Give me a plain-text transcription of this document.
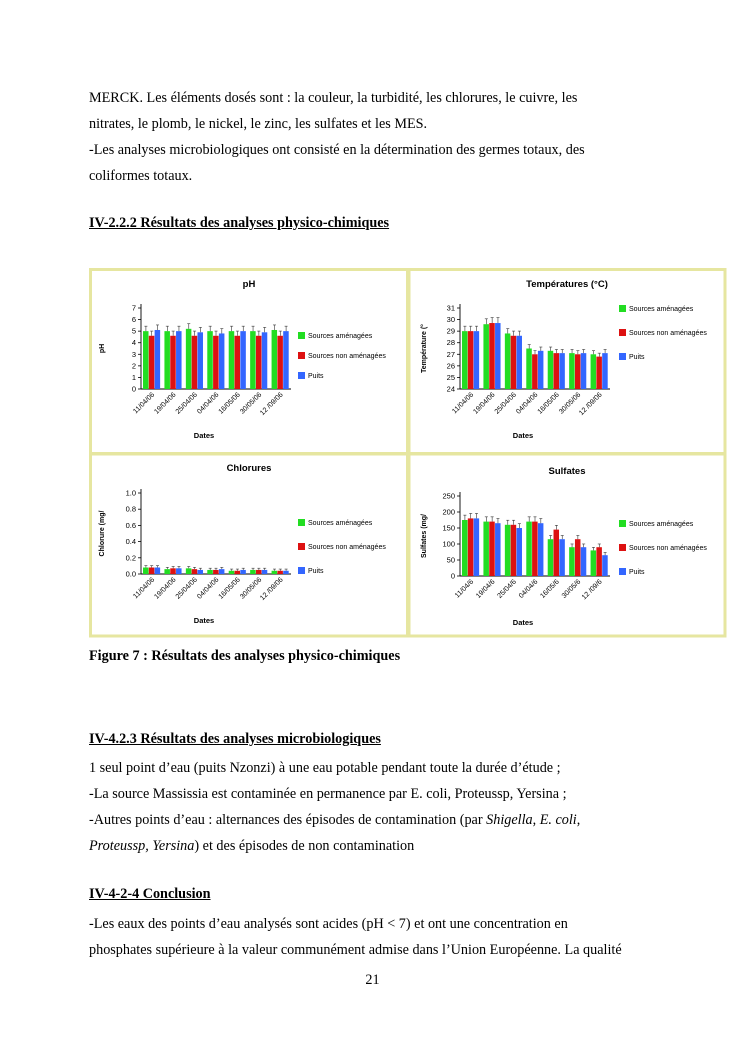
MERCK. Les éléments dosés sont : la couleur, la turbidité, les chlorures, le cuivre, les

nitrates, le plomb, le nickel, le zinc, les sulfates et les MES.

-Les analyses microbiologiques ont consisté en la détermination des germes totaux, des

coliformes totaux.

IV-2.2.2 Résultats des analyses physico-chimiques

pH
0
1
2
3
4
5
6
7
11/04/06
19/04/06
25/04/06
04/04/06
16/05/06
30/05/06
12 /09/06
Dates
pH
Sources aménagées
Sources non aménagées
Puits
Températures (°C)
24
25
26
27
28
29
30
31
11/04/06
19/04/06
25/04/06
04/04/06
16/05/06
30/05/06
12 /09/06
Dates
Température (°
Sources aménagées
Sources non aménagées
Puits
Chlorures
0.0
0.2
0.4
0.6
0.8
1.0
11/04/06
19/04/06
25/04/06
04/04/06
16/05/06
30/05/06
12 /09/06
Dates
Chlorure (mg/	Sources aménagées
Sources non aménagées
Puits
Sulfates
0
50
100
150
200
250
11/04/6 19/04/6 25/04/6 04/04/6 16/05/6 30/05/6
12 /09/6
Dates
Sulfates (mg/	Sources aménagées
Sources non aménagées
Puits

Figure 7 : Résultats des analyses physico-chimiques

IV-4.2.3 Résultats des analyses microbiologiques

1 seul point d’eau (puits Nzonzi) à une eau potable pendant toute la durée d’étude ;

-La source Massissia est contaminée en permanence par E. coli, Proteussp, Yersina ;

-Autres points d’eau : alternances des épisodes de contamination (par Shigella, E. coli,

Proteussp, Yersina) et des épisodes de non contamination

IV-4-2-4 Conclusion

-Les eaux des points d’eau analysés sont acides (pH < 7) et ont une concentration en

phosphates supérieure à la valeur communément admise dans l’Union Européenne. La qualité

21
